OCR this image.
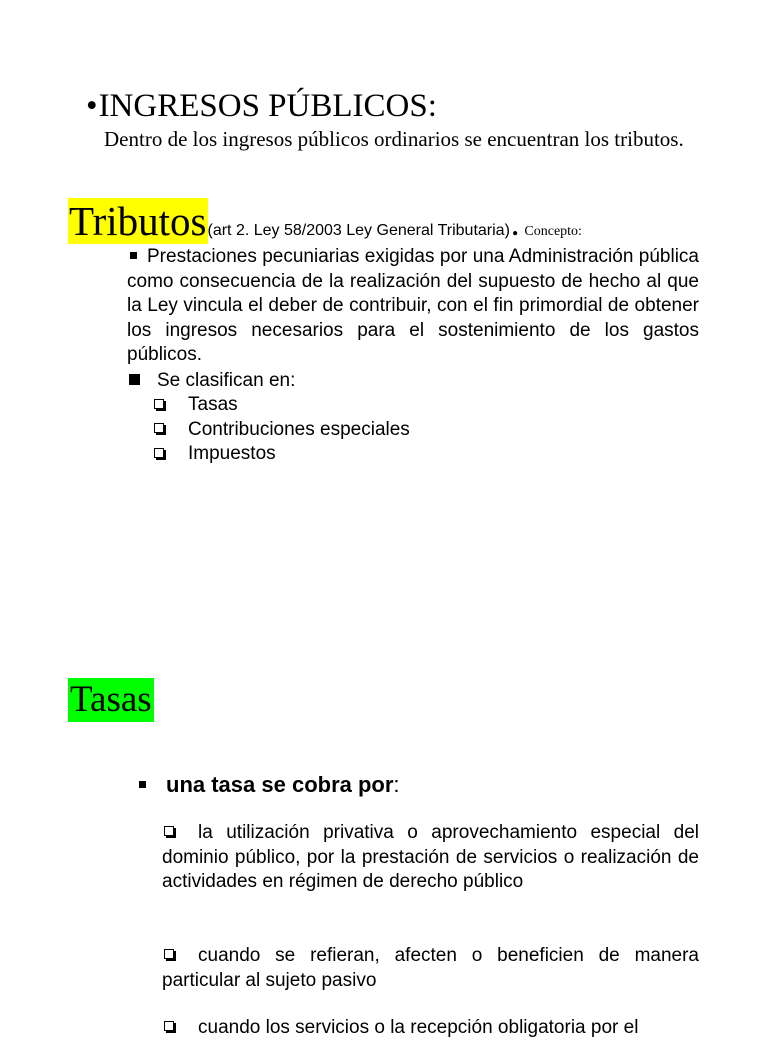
•INGRESOS PÚBLICOS:
Dentro de los ingresos públicos ordinarios se encuentran los tributos.
Tributos(art 2. Ley 58/2003 Ley General Tributaria). Concepto:
Prestaciones pecuniarias exigidas por una Administración pública como consecuencia de la realización del supuesto de hecho al que la Ley vincula el deber de contribuir, con el fin primordial de obtener los ingresos necesarios para el sostenimiento de los gastos públicos.
Se clasifican en:
Tasas
Contribuciones especiales
Impuestos
Tasas
una tasa se cobra por:
la utilización privativa o aprovechamiento especial del dominio público, por la prestación de servicios o realización de actividades en régimen de derecho público
cuando se refieran, afecten o beneficien de manera particular al sujeto pasivo
cuando los servicios o la recepción obligatoria por el
